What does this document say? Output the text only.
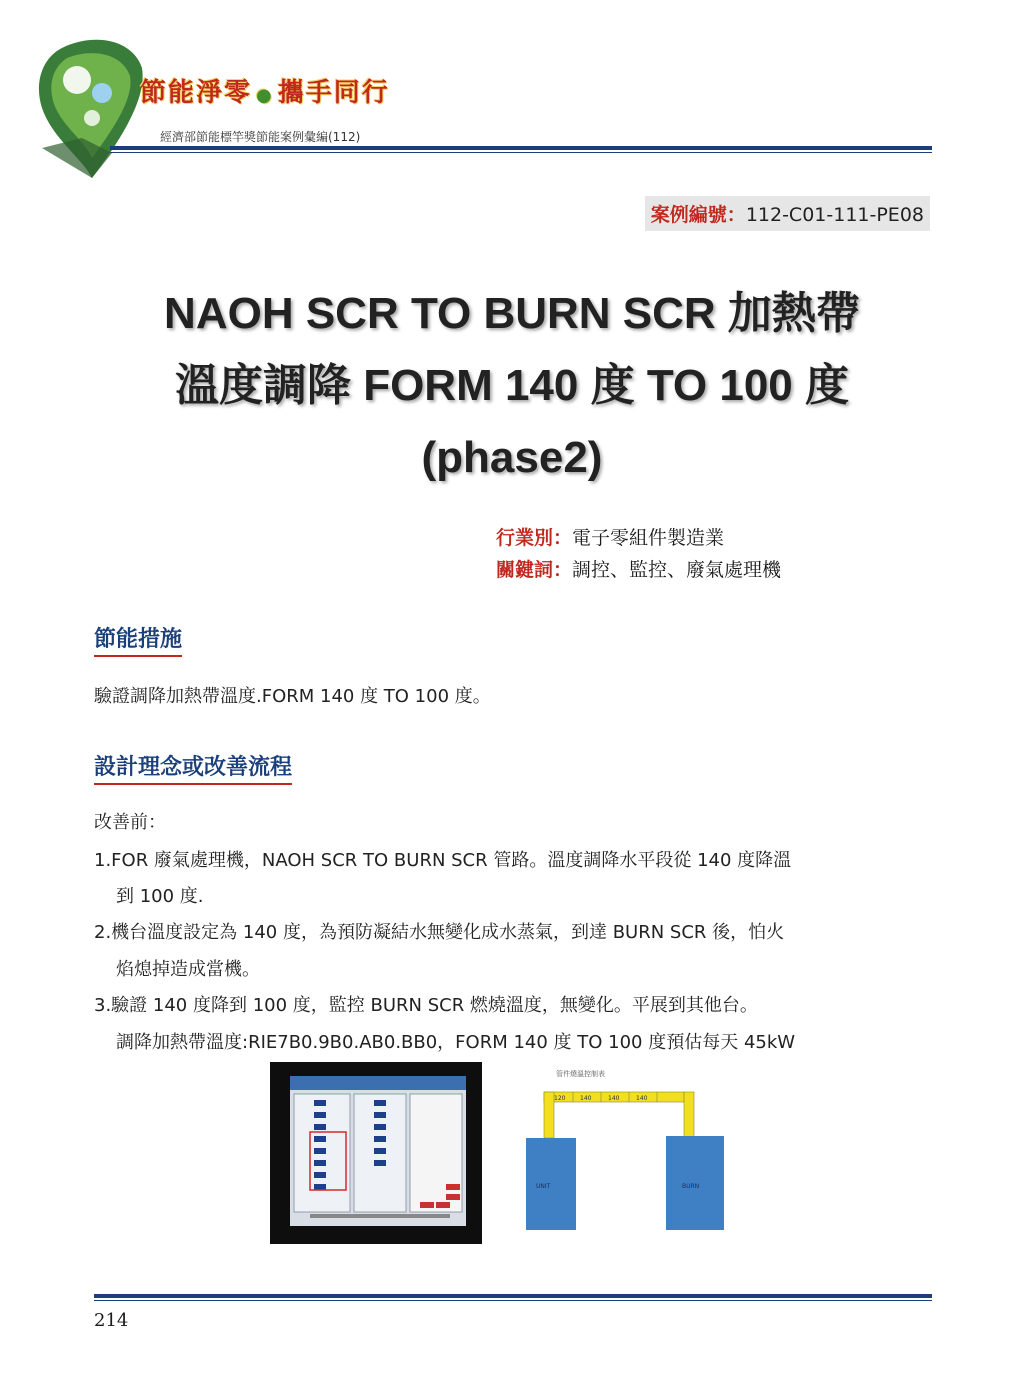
節能淨零 ● 攜手同行
經濟部節能標竿獎節能案例彙編(112)
案例編號：112-C01-111-PE08
NAOH SCR TO BURN SCR 加熱帶
溫度調降 FORM 140 度 TO 100 度
(phase2)
行業別：電子零組件製造業
關鍵詞：調控、監控、廢氣處理機
節能措施
驗證調降加熱帶溫度.FORM 140 度 TO 100 度。
設計理念或改善流程
改善前：
1.FOR 廢氣處理機，NAOH SCR TO BURN SCR 管路。溫度調降水平段從 140 度降溫
到 100 度.
2.機台溫度設定為 140 度，為預防凝結水無變化成水蒸氣，到達 BURN SCR 後，怕火
焰熄掉造成當機。
3.驗證 140 度降到 100 度，監控 BURN SCR 燃燒溫度，無變化。平展到其他台。
調降加熱帶溫度:RIE7B0.9B0.AB0.BB0，FORM 140 度 TO 100 度預估每天 45kW
管件燒溫控制表
120 140	140	140
UNIT	BURN
214
